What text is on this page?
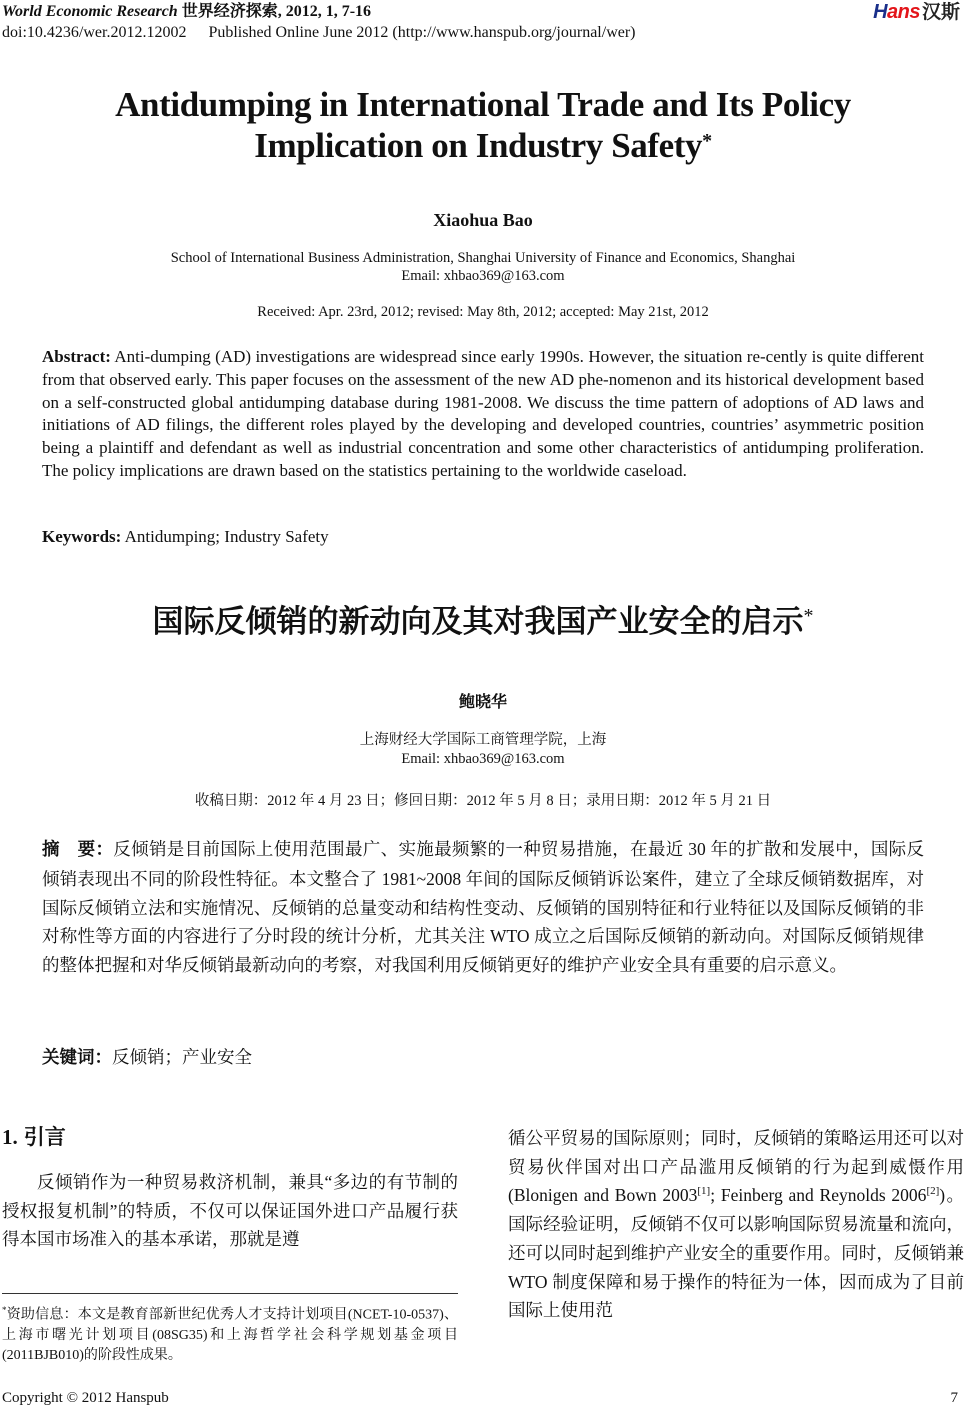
World Economic Research 世界经济探索, 2012, 1, 7-16
doi:10.4236/wer.2012.12002 Published Online June 2012 (http://www.hanspub.org/journal/wer)
Hans 汉斯
Antidumping in International Trade and Its Policy
Implication on Industry Safety*
Xiaohua Bao
School of International Business Administration, Shanghai University of Finance and Economics, Shanghai
Email: xhbao369@163.com
Received: Apr. 23rd, 2012; revised: May 8th, 2012; accepted: May 21st, 2012
Abstract: Anti-dumping (AD) investigations are widespread since early 1990s. However, the situation re-cently is quite different from that observed early. This paper focuses on the assessment of the new AD phe-nomenon and its historical development based on a self-constructed global antidumping database during 1981-2008. We discuss the time pattern of adoptions of AD laws and initiations of AD filings, the different roles played by the developing and developed countries, countries’ asymmetric position being a plaintiff and defendant as well as industrial concentration and some other characteristics of antidumping proliferation. The policy implications are drawn based on the statistics pertaining to the worldwide caseload.
Keywords: Antidumping; Industry Safety
国际反倾销的新动向及其对我国产业安全的启示*
鲍晓华
上海财经大学国际工商管理学院，上海
Email: xhbao369@163.com
收稿日期：2012 年 4 月 23 日；修回日期：2012 年 5 月 8 日；录用日期：2012 年 5 月 21 日
摘　要：反倾销是目前国际上使用范围最广、实施最频繁的一种贸易措施，在最近 30 年的扩散和发展中，国际反倾销表现出不同的阶段性特征。本文整合了 1981~2008 年间的国际反倾销诉讼案件，建立了全球反倾销数据库，对国际反倾销立法和实施情况、反倾销的总量变动和结构性变动、反倾销的国别特征和行业特征以及国际反倾销的非对称性等方面的内容进行了分时段的统计分析，尤其关注 WTO 成立之后国际反倾销的新动向。对国际反倾销规律的整体把握和对华反倾销最新动向的考察，对我国利用反倾销更好的维护产业安全具有重要的启示意义。
关键词：反倾销；产业安全
1. 引言

反倾销作为一种贸易救济机制，兼具“多边的有节制的授权报复机制”的特质，不仅可以保证国外进口产品履行获得本国市场准入的基本承诺，那就是遵

*资助信息：本文是教育部新世纪优秀人才支持计划项目(NCET-10-0537)、上海市曙光计划项目(08SG35)和上海哲学社会科学规划基金项目(2011BJB010)的阶段性成果。
循公平贸易的国际原则；同时，反倾销的策略运用还可以对贸易伙伴国对出口产品滥用反倾销的行为起到威慑作用(Blonigen and Bown 2003[1]; Feinberg and Reynolds 2006[2])。国际经验证明，反倾销不仅可以影响国际贸易流量和流向，还可以同时起到维护产业安全的重要作用。同时，反倾销兼 WTO 制度保障和易于操作的特征为一体，因而成为了目前国际上使用范
Copyright © 2012 Hanspub	7
